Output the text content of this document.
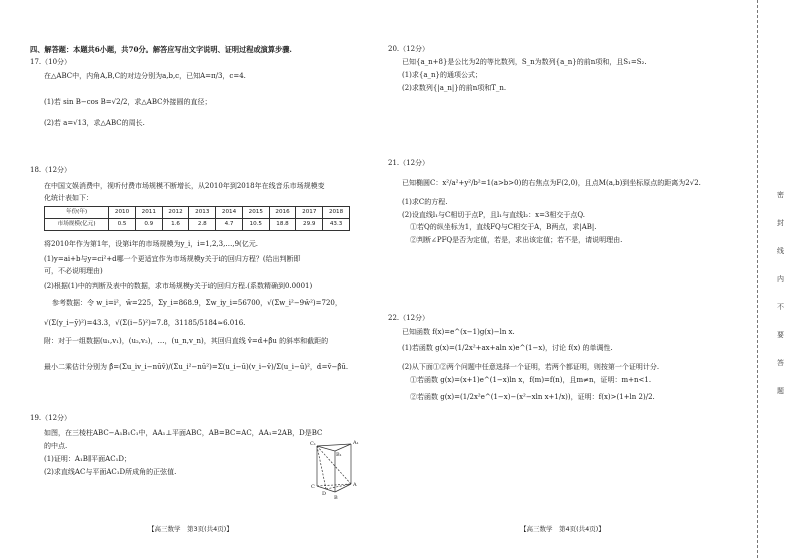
四、解答题：本题共6小题，共70分。解答应写出文字说明、证明过程或演算步骤.
17.（10分）
在△ABC中，内角A,B,C的对边分别为a,b,c，已知A=π/3，c=4.
(1)若 sin B−cos B=√2/2，求△ABC外接圆的直径；
(2)若 a=√13，求△ABC的周长.
18.（12分）
在中国文娱消费中，视听付费市场规模不断增长，从2010年到2018年在线音乐市场规模变
化统计表如下：
年份(年)	2010	2011	2012	2013	2014	2015	2016	2017	2018
市场规模(亿元)	0.5	0.9	1.6	2.8	4.7	10.5	18.8	29.9	43.3
将2010年作为第1年，设第i年的市场规模为y_i，i=1,2,3,…,9(亿元.
(1)y=ai+b与y=ci²+d哪一个更适宜作为市场规模y关于i的回归方程？(给出判断即
可，不必说明理由)
(2)根据(1)中的判断及表中的数据，求市场规模y关于i的回归方程.(系数精确到0.0001)
参考数据：令 w_i=i²，w̄=225，Σy_i=868.9，Σw_iy_i=56700，√(Σw_i²−9w̄²)=720，
√(Σ(y_i−ȳ)²)=43.3，√(Σ(i−5)²)=7.8，31185/5184≈6.016.
附：对于一组数据(u₁,v₁)，(u₂,v₂)，…，(u_n,v_n)，其回归直线 v̂=α̂+β̂u 的斜率和截距的
最小二乘估计分别为 β̂=(Σu_iv_i−nūv̄)/(Σu_i²−nū²)=Σ(u_i−ū)(v_i−v̄)/Σ(u_i−ū)²，α̂=v̄−β̂ū.
19.（12分）
如图，在三棱柱ABC−A₁B₁C₁中，AA₁⊥平面ABC，AB=BC=AC，AA₁=2AB，D是BC
的中点.
(1)证明：A₁B∥平面AC₁D；
(2)求直线AC与平面AC₁D所成角的正弦值.
C₁	A₁
B₁
C	A
D
B
20.（12分）
已知{a_n+8}是公比为2的等比数列，S_n为数列{a_n}的前n项和，且S₁=S₂.
(1)求{a_n}的通项公式；
(2)求数列{|a_n|}的前n项和T_n.
21.（12分）
已知椭圆C：x²/a²+y²/b²=1(a>b>0)的右焦点为F(2,0)，且点M(a,b)到坐标原点的距离为2√2.
(1)求C的方程.
(2)设直线l₁与C相切于点P，且l₁与直线l₂：x=3相交于点Q.
①若Q的纵坐标为1，直线FQ与C相交于A，B两点，求|AB|.
②判断∠PFQ是否为定值，若是，求出该定值；若不是，请说明理由.
22.（12分）
已知函数 f(x)=e^(x−1)g(x)−ln x.
(1)若函数 g(x)=(1/2x²+ax+aln x)e^(1−x)，讨论 f(x) 的单调性.
(2)从下面①②两个问题中任意选择一个证明，若两个都证明，则按第一个证明计分.
①若函数 g(x)=(x+1)e^(1−x)ln x，f(m)=f(n)，且m≠n，证明：m+n<1.
②若函数 g(x)=(1/2x²e^(1−x)−(x²−xln x+1/x))，证明：f(x)>(1+ln 2)/2.
【高三数学　第3页(共4页)】	【高三数学　第4页(共4页)】
密
封
线
内
不
要
答
题
